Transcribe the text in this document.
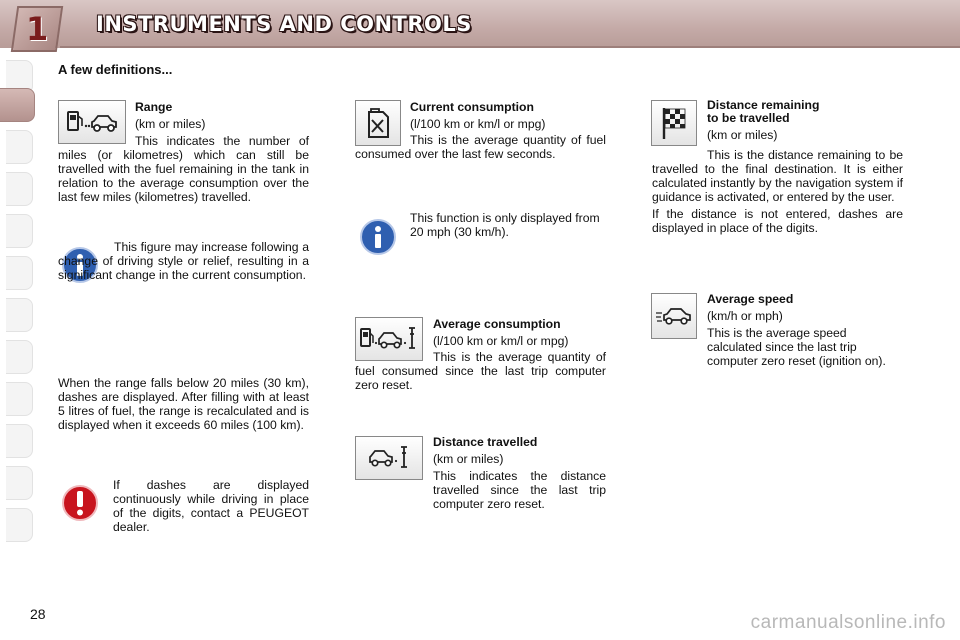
1 INSTRUMENTS AND CONTROLS
A few definitions...
Range

(km or miles)

This indicates the number of miles (or kilometres) which can still be travelled with the fuel remaining in the tank in relation to the average consumption over the last few miles (kilometres) travelled.

This figure may increase following a change of driving style or relief, resulting in a significant change in the current consumption.

When the range falls below 20 miles (30 km), dashes are displayed. After filling with at least 5 litres of fuel, the range is recalculated and is displayed when it exceeds 60 miles (100 km).

If dashes are displayed continuously while driving in place of the digits, contact a PEUGEOT dealer.

Current consumption

(l/100 km or km/l or mpg)

This is the average quantity of fuel consumed over the last few seconds.

This function is only displayed from 20 mph (30 km/h).

Average consumption

(l/100 km or km/l or mpg)

This is the average quantity of fuel consumed since the last trip computer zero reset.

Distance travelled

(km or miles)

This indicates the distance travelled since the last trip computer zero reset.

Distance remaining
to be travelled

(km or miles)

This is the distance remaining to be travelled to the final destination. It is either calculated instantly by the navigation system if guidance is activated, or entered by the user.

If the distance is not entered, dashes are displayed in place of the digits.

Average speed

(km/h or mph)

This is the average speed calculated since the last trip computer zero reset (ignition on).

28	carmanualsonline.info
